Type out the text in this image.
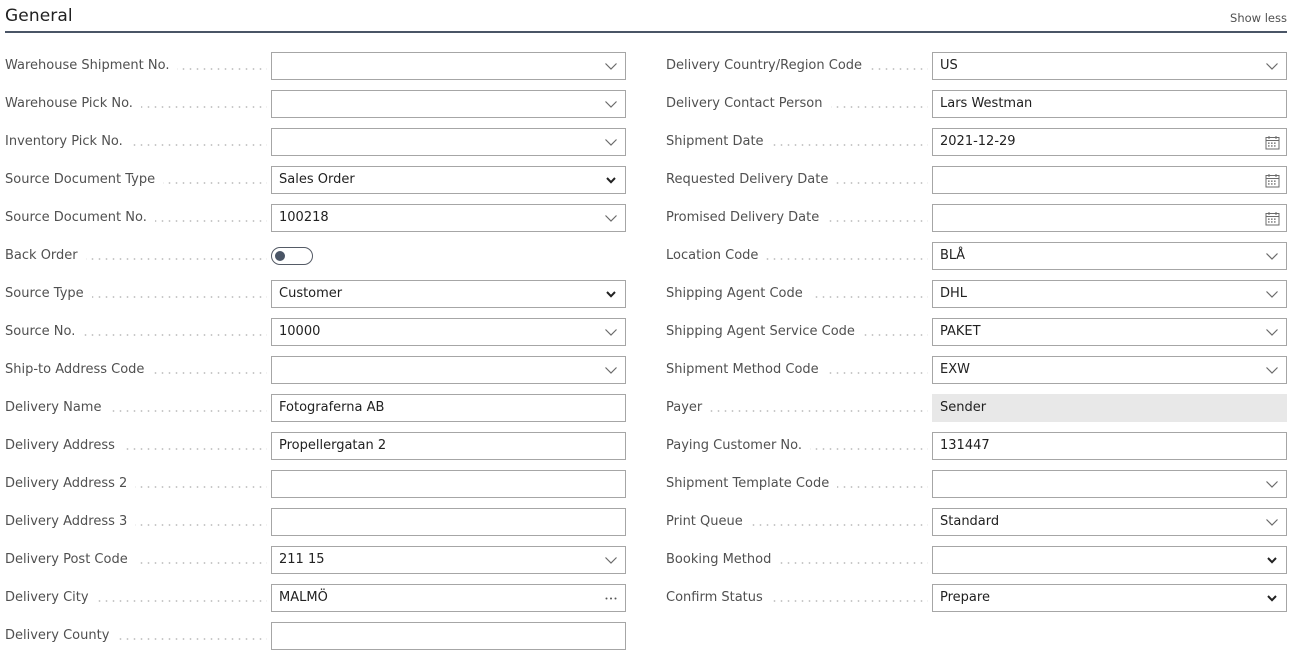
General	Show less
Warehouse Shipment No.
Warehouse Pick No.
Inventory Pick No.
Source Document Type	Sales Order
Source Document No.	100218
Back Order
Source Type	Customer
Source No.	10000
Ship-to Address Code
Delivery Name	Fotograferna AB
Delivery Address	Propellergatan 2
Delivery Address 2
Delivery Address 3
Delivery Post Code	211 15
Delivery City	MALMÖ
Delivery County
Delivery Country/Region Code	US
Delivery Contact Person	Lars Westman
Shipment Date	2021-12-29
Requested Delivery Date
Promised Delivery Date
Location Code	BLÅ
Shipping Agent Code	DHL
Shipping Agent Service Code	PAKET
Shipment Method Code	EXW
Payer	Sender
Paying Customer No.	131447
Shipment Template Code
Print Queue	Standard
Booking Method
Confirm Status	Prepare
